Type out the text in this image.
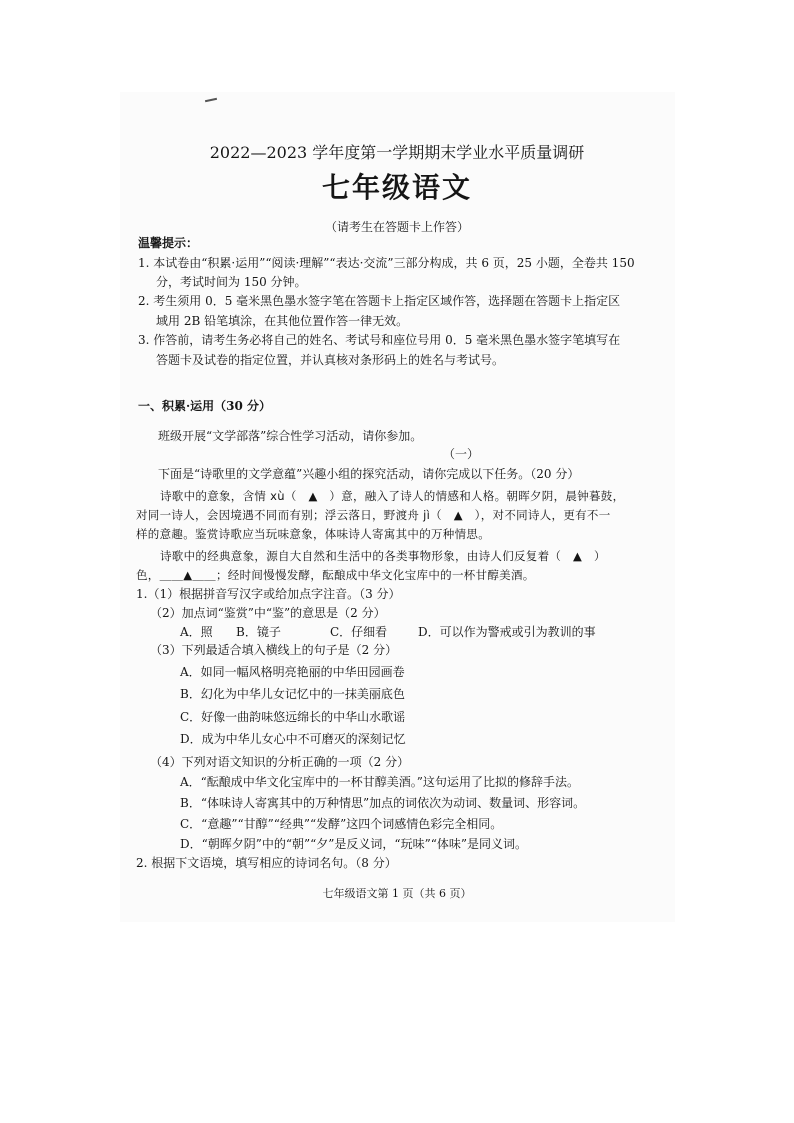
2022—2023 学年度第一学期期末学业水平质量调研
七年级语文
（请考生在答题卡上作答）
温馨提示：
1. 本试卷由“积累·运用”“阅读·理解”“表达·交流”三部分构成，共 6 页，25 小题，全卷共 150
分，考试时间为 150 分钟。
2. 考生须用 0．5 毫米黑色墨水签字笔在答题卡上指定区域作答，选择题在答题卡上指定区
域用 2B 铅笔填涂，在其他位置作答一律无效。
3. 作答前，请考生务必将自己的姓名、考试号和座位号用 0．5 毫米黑色墨水签字笔填写在
答题卡及试卷的指定位置，并认真核对条形码上的姓名与考试号。
一、积累·运用（30 分）
班级开展“文学部落”综合性学习活动，请你参加。
（一）
下面是“诗歌里的文学意蕴”兴趣小组的探究活动，请你完成以下任务。（20 分）
诗歌中的意象，含情 xù（　▲　）意，融入了诗人的情感和人格。朝晖夕阴，晨钟暮鼓，
对同一诗人，会因境遇不同而有别；浮云落日，野渡舟 jì（　▲　），对不同诗人，更有不一
样的意趣。鉴赏诗歌应当玩味意象，体味诗人寄寓其中的万种情思。
诗歌中的经典意象，源自大自然和生活中的各类事物形象，由诗人们反复着（　▲　）
色，＿＿▲＿＿；经时间慢慢发酵，酝酿成中华文化宝库中的一杯甘醇美酒。
1.（1）根据拼音写汉字或给加点字注音。（3 分）
（2）加点词“鉴赏”中“鉴”的意思是（2 分）
A．照 B．镜子	C．仔细看	D．可以作为警戒或引为教训的事
（3）下列最适合填入横线上的句子是（2 分）
A．如同一幅风格明亮艳丽的中华田园画卷
B．幻化为中华儿女记忆中的一抹美丽底色
C．好像一曲韵味悠远绵长的中华山水歌谣
D．成为中华儿女心中不可磨灭的深刻记忆
（4）下列对语文知识的分析正确的一项（2 分）
A．“酝酿成中华文化宝库中的一杯甘醇美酒。”这句运用了比拟的修辞手法。
B．“体味诗人寄寓其中的万种情思”加点的词依次为动词、数量词、形容词。
C．“意趣”“甘醇”“经典”“发酵”这四个词感情色彩完全相同。
D．“朝晖夕阴”中的“朝”“夕”是反义词，“玩味”“体味”是同义词。
2. 根据下文语境，填写相应的诗词名句。（8 分）
七年级语文第 1 页（共 6 页）
